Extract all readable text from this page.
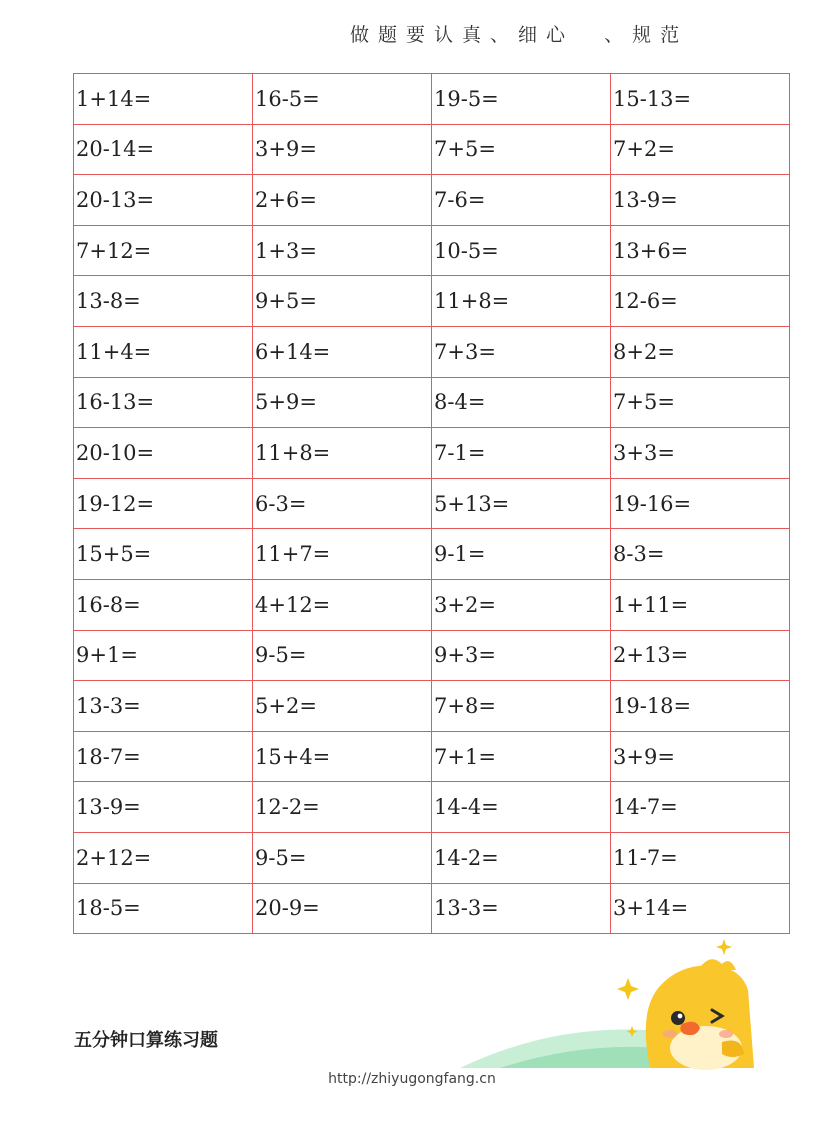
做题要认真、细心  、规范
1+14=	16-5=	19-5=	15-13=
20-14=	3+9=	7+5=	7+2=
20-13=	2+6=	7-6=	13-9=
7+12=	1+3=	10-5=	13+6=
13-8=	9+5=	11+8=	12-6=
11+4=	6+14=	7+3=	8+2=
16-13=	5+9=	8-4=	7+5=
20-10=	11+8=	7-1=	3+3=
19-12=	6-3=	5+13=	19-16=
15+5=	11+7=	9-1=	8-3=
16-8=	4+12=	3+2=	1+11=
9+1=	9-5=	9+3=	2+13=
13-3=	5+2=	7+8=	19-18=
18-7=	15+4=	7+1=	3+9=
13-9=	12-2=	14-4=	14-7=
2+12=	9-5=	14-2=	11-7=
18-5=	20-9=	13-3=	3+14=
五分钟口算练习题
http://zhiyugongfang.cn
